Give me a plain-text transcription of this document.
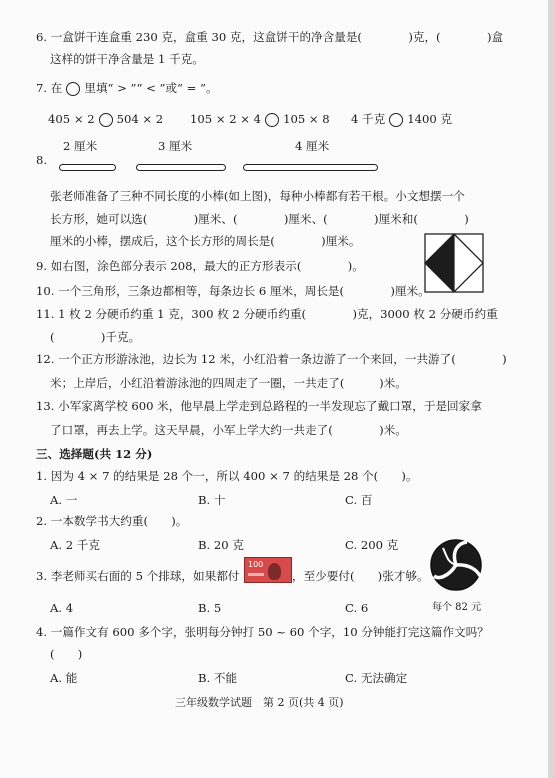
6. 一盒饼干连盒重 230 克，盒重 30 克，这盒饼干的净含量是(　　　　)克，(　　　　)盒
这样的饼干净含量是 1 千克。
7. 在 里填“ > ”“ < ”或“ = ”。
405 × 2 504 × 2 105 × 2 × 4 105 × 8 4 千克 1400 克
2 厘米	3 厘米	4 厘米
8.
张老师准备了三种不同长度的小棒(如上图)，每种小棒都有若干根。小文想摆一个
长方形，她可以选(　　　　)厘米、(　　　　)厘米、(　　　　)厘米和(　　　　)
厘米的小棒，摆成后，这个长方形的周长是(　　　　)厘米。
9. 如右图，涂色部分表示 208，最大的正方形表示(　　　　)。
10. 一个三角形，三条边都相等，每条边长 6 厘米，周长是(　　　　)厘米。
11. 1 枚 2 分硬币约重 1 克，300 枚 2 分硬币约重(　　　　)克，3000 枚 2 分硬币约重
(　　　　)千克。
12. 一个正方形游泳池，边长为 12 米，小红沿着一条边游了一个来回，一共游了(　　　　)
米；上岸后，小红沿着游泳池的四周走了一圈，一共走了(　　　)米。
13. 小军家离学校 600 米，他早晨上学走到总路程的一半发现忘了戴口罩，于是回家拿
了口罩，再去上学。这天早晨，小军上学大约一共走了(　　　　)米。
三、选择题(共 12 分)
1. 因为 4 × 7 的结果是 28 个一，所以 400 × 7 的结果是 28 个(　　)。
A. 一	B. 十	C. 百
2. 一本数学书大约重(　　)。
A. 2 千克	B. 20 克	C. 200 克
3. 李老师买右面的 5 个排球，如果都付
100
，至少要付(　　)张才够。
A. 4	B. 5	C. 6	每个 82 元
4. 一篇作文有 600 多个字，张明每分钟打 50 ~ 60 个字，10 分钟能打完这篇作文吗？
(　　)
A. 能	B. 不能	C. 无法确定
三年级数学试题　第 2 页(共 4 页)
